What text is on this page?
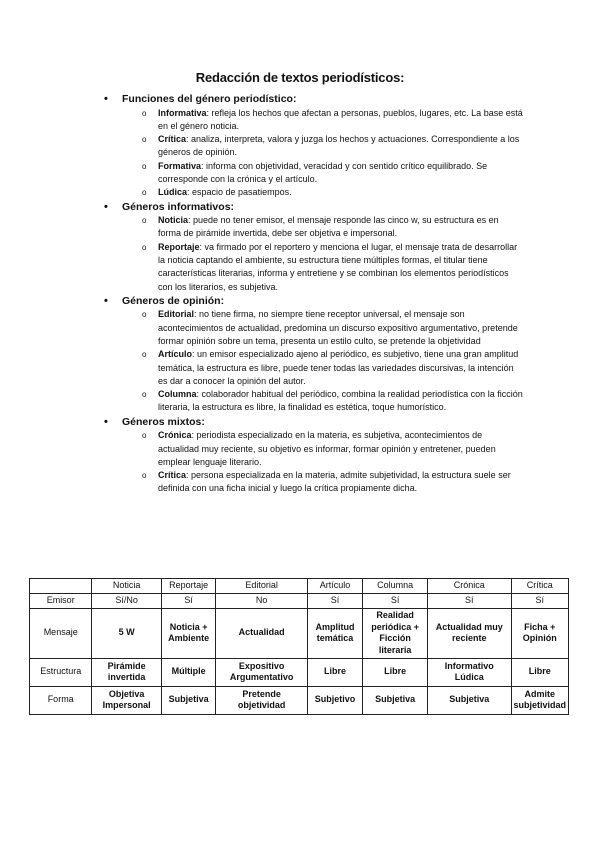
Redacción de textos periodísticos:
• Funciones del género periodístico:
o Informativa: refleja los hechos que afectan a personas, pueblos, lugares, etc. La base está en el género noticia.
o Crítica: analiza, interpreta, valora y juzga los hechos y actuaciones. Correspondiente a los géneros de opinión.
o Formativa: informa con objetividad, veracidad y con sentido crítico equilibrado. Se corresponde con la crónica y el artículo.
o Lúdica: espacio de pasatiempos.
• Géneros informativos:
o Noticia: puede no tener emisor, el mensaje responde las cinco w, su estructura es en forma de pirámide invertida, debe ser objetiva e impersonal.
o Reportaje: va firmado por el reportero y menciona el lugar, el mensaje trata de desarrollar la noticia captando el ambiente, su estructura tiene múltiples formas, el titular tiene características literarias, informa y entretiene y se combinan los elementos periodísticos con los literarios, es subjetiva.
• Géneros de opinión:
o Editorial: no tiene firma, no siempre tiene receptor universal, el mensaje son acontecimientos de actualidad, predomina un discurso expositivo argumentativo, pretende formar opinión sobre un tema, presenta un estilo culto, se pretende la objetividad
o Artículo: un emisor especializado ajeno al periódico, es subjetivo, tiene una gran amplitud temática, la estructura es libre, puede tener todas las variedades discursivas, la intención es dar a conocer la opinión del autor.
o Columna: colaborador habitual del periódico, combina la realidad periodística con la ficción literaria, la estructura es libre, la finalidad es estética, toque humorístico.
• Géneros mixtos:
o Crónica: periodista especializado en la materia, es subjetiva, acontecimientos de actualidad muy reciente, su objetivo es informar, formar opinión y entretener, pueden emplear lenguaje literario.
o Crítica: persona especializada en la materia, admite subjetividad, la estructura suele ser definida con una ficha inicial y luego la crítica propiamente dicha.
	Noticia	Reportaje	Editorial	Artículo	Columna	Crónica	Crítica
Emisor	Sí/No	Sí	No	Sí	Sí	Sí	Sí
Mensaje	5 W	Noticia + Ambiente	Actualidad	Amplitud temática	Realidad periódica + Ficción literaria	Actualidad muy reciente	Ficha + Opinión
Estructura	Pirámide invertida	Múltiple	Expositivo Argumentativo	Libre	Libre	Informativo Lúdica	Libre
Forma	Objetiva Impersonal	Subjetiva	Pretende objetividad	Subjetivo	Subjetiva	Subjetiva	Admite subjetividad
